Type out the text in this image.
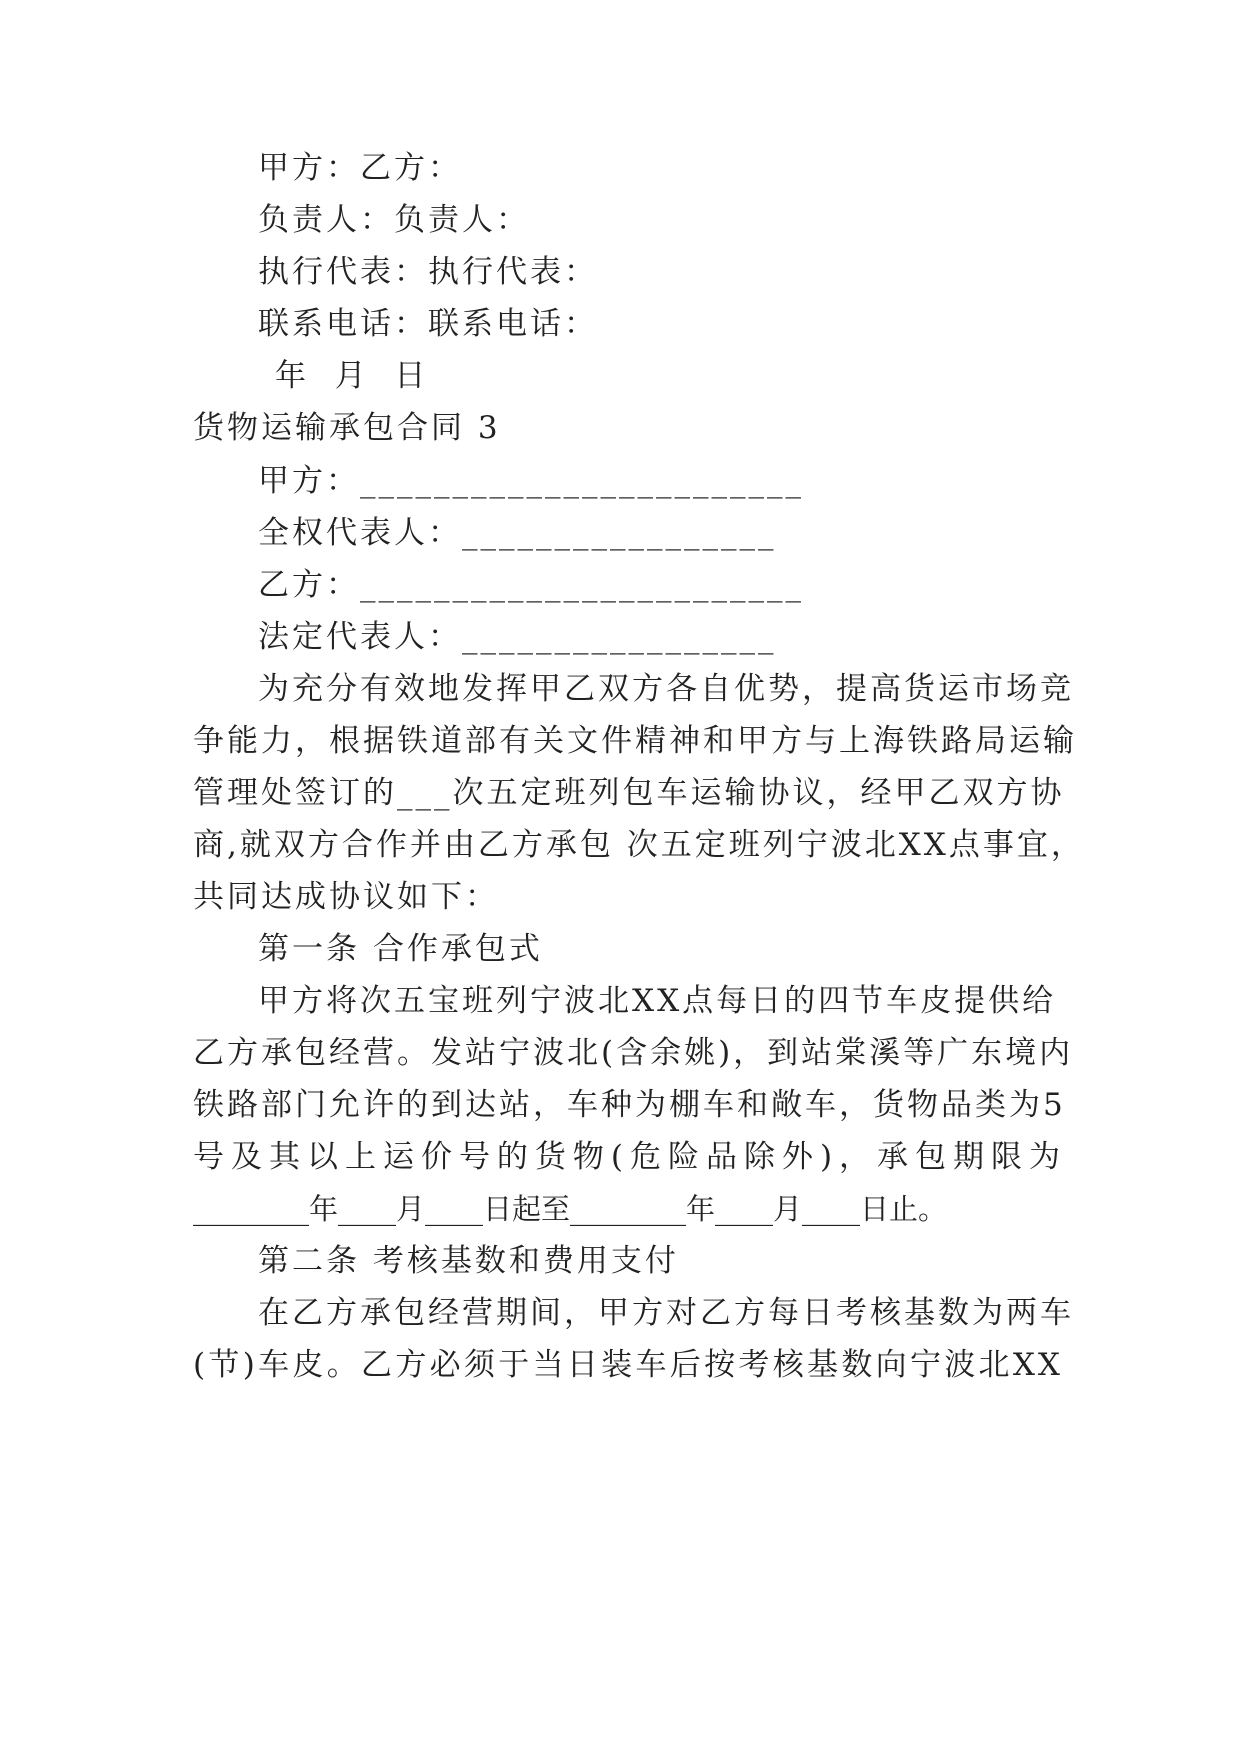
甲方：乙方：
负责人：负责人：
执行代表：执行代表：
联系电话：联系电话：
年  月  日
货物运输承包合同 3
甲方：________________________
全权代表人：_________________
乙方：________________________
法定代表人：_________________
为充分有效地发挥甲乙双方各自优势，提高货运市场竞
争能力，根据铁道部有关文件精神和甲方与上海铁路局运输
管理处签订的___次五定班列包车运输协议，经甲乙双方协
商,就双方合作并由乙方承包 次五定班列宁波北XX点事宜，
共同达成协议如下：
第一条 合作承包式
甲方将次五宝班列宁波北XX点每日的四节车皮提供给
乙方承包经营。发站宁波北(含余姚)，到站棠溪等广东境内
铁路部门允许的到达站，车种为棚车和敞车，货物品类为5
号及其以上运价号的货物(危险品除外)，承包期限为
________年____月____日起至________年____月____日止。
第二条 考核基数和费用支付
在乙方承包经营期间，甲方对乙方每日考核基数为两车
(节)车皮。乙方必须于当日装车后按考核基数向宁波北XX
